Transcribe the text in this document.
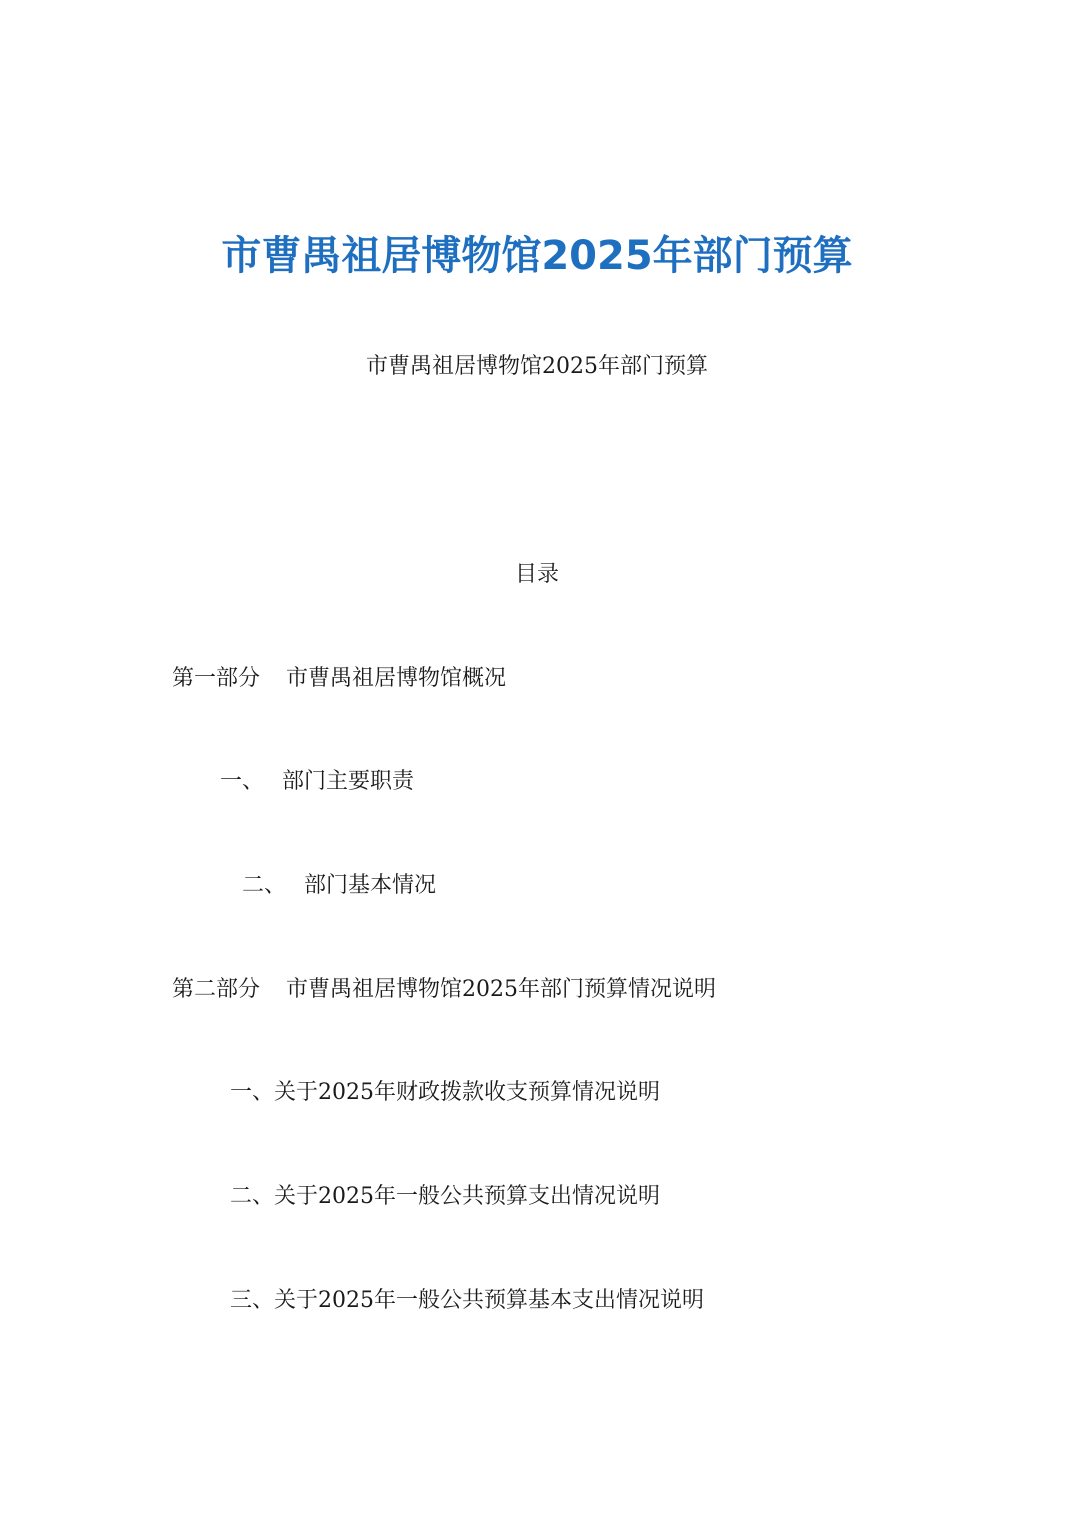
市曹禺祖居博物馆2025年部门预算
市曹禺祖居博物馆2025年部门预算
目录
第一部分 市曹禺祖居博物馆概况
一、 部门主要职责
二、 部门基本情况
第二部分 市曹禺祖居博物馆2025年部门预算情况说明
一、关于2025年财政拨款收支预算情况说明
二、关于2025年一般公共预算支出情况说明
三、关于2025年一般公共预算基本支出情况说明
